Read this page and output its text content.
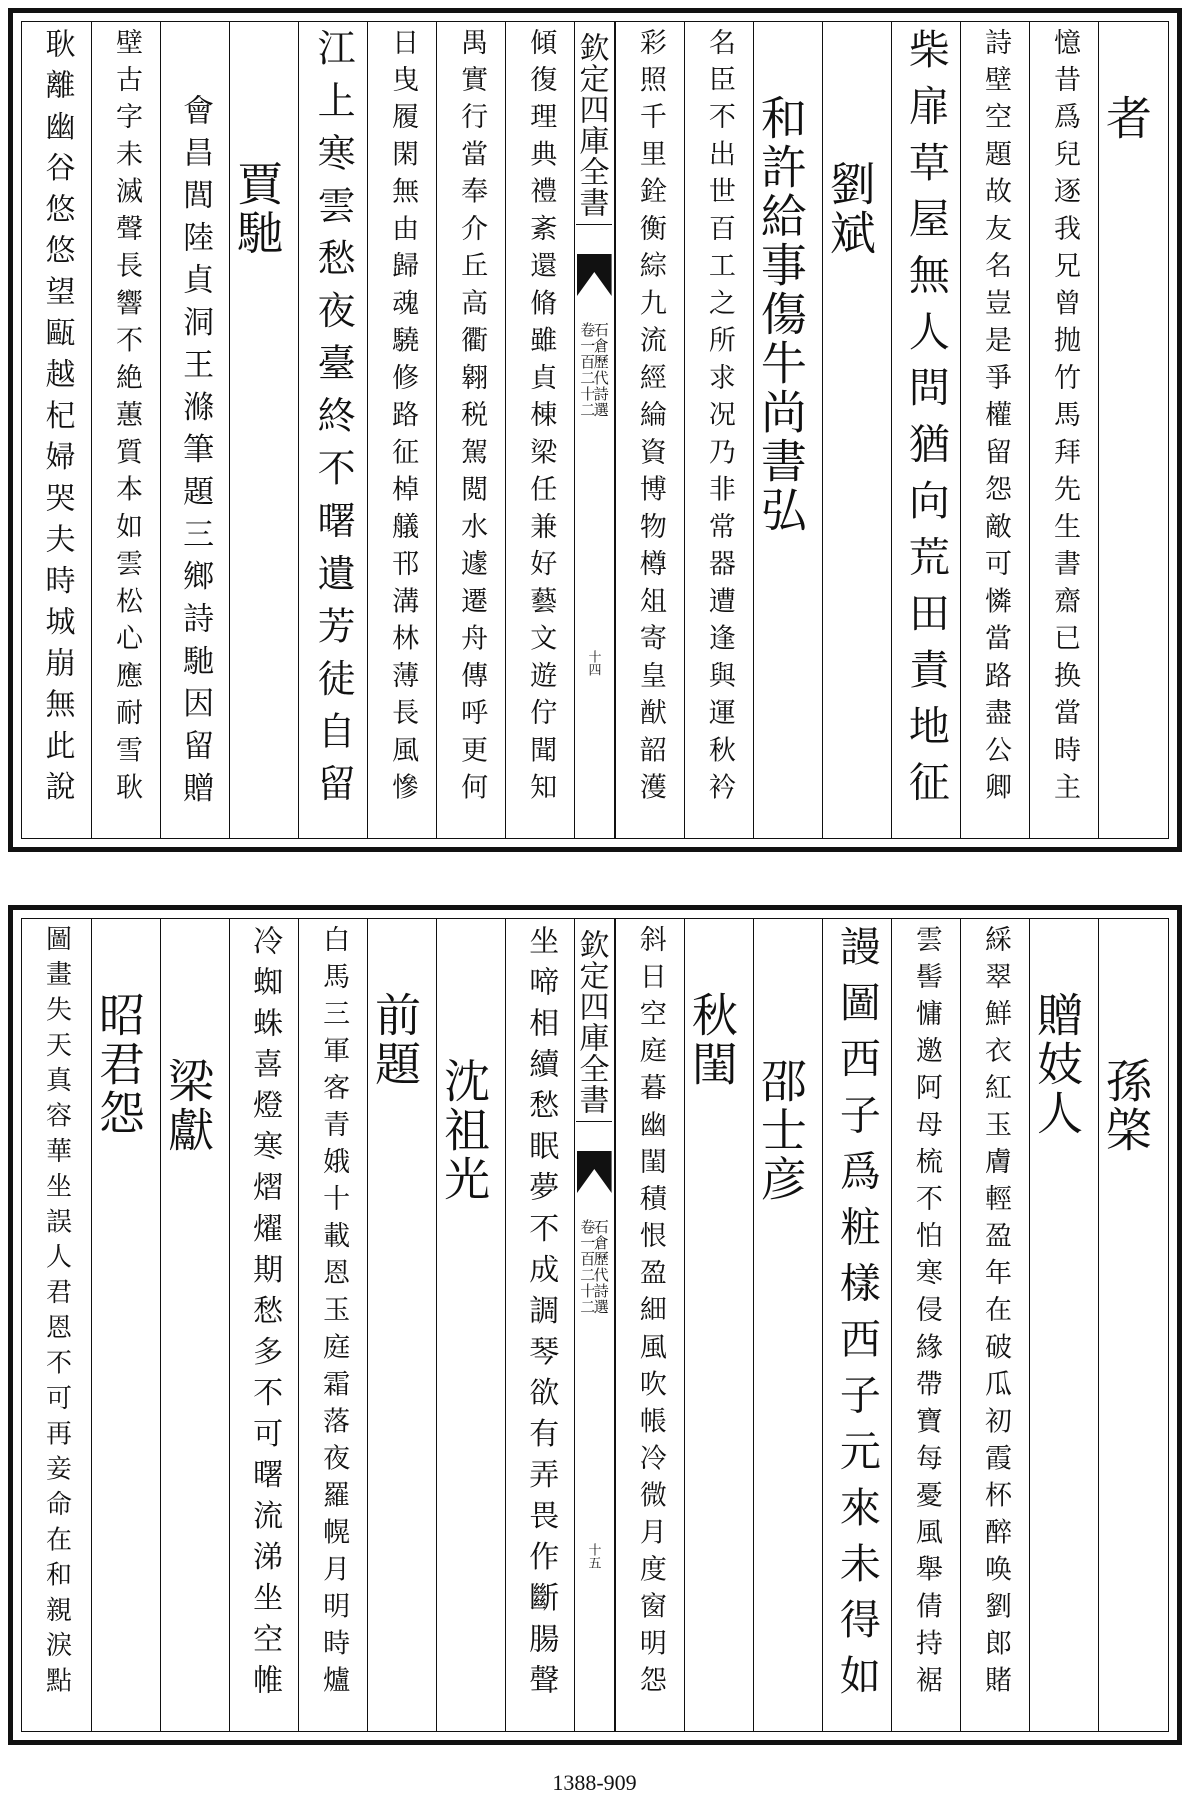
者
憶昔爲兒逐我兄曾抛竹馬拜先生書齋已换當時主
詩壁空題故友名豈是爭權留怨敵可憐當路盡公卿
柴扉草屋無人問猶向荒田責地征
劉斌
和許給事傷牛尚書弘
名臣不出世百工之所求况乃非常器遭逢與運秋衿
彩照千里銓衡綜九流經綸資博物樽俎寄皇猷韶濩
欽定四庫全書
石倉歷代詩選
卷一百二十二
十四
傾復理典禮紊還脩雖貞棟梁任兼好藝文遊佇聞知
禺實行當奉介丘高衢翱税駕閲水遽遷舟傳呼更何
日曳履閑無由歸魂驍修路征棹艤邗溝林薄長風慘
江上寒雲愁夜臺終不曙遺芳徒自留
賈馳
會昌閭陸貞洞王滌筆題三鄉詩馳因留贈
壁古字未滅聲長響不絶蕙質本如雲松心應耐雪耿
耿離幽谷悠悠望甌越杞婦哭夫時城崩無此說
孫棨
贈妓人
綵翠鮮衣紅玉膚輕盈年在破瓜初霞杯醉唤劉郎賭
雲髻慵邀阿母梳不怕寒侵緣帶寶每憂風舉倩持裾
謾圖西子爲粧樣西子元來未得如
邵士彦
秋閨
斜日空庭暮幽閨積恨盈細風吹帳冷微月度窗明怨
欽定四庫全書
石倉歷代詩選
卷一百二十二
十五
坐啼相續愁眠夢不成調琴欲有弄畏作斷腸聲
沈祖光
前題
白馬三軍客青娥十載恩玉庭霜落夜羅幌月明時爐
冷蜘蛛喜燈寒熠燿期愁多不可曙流涕坐空帷
梁獻
昭君怨
圖畫失天真容華坐誤人君恩不可再妾命在和親淚點
1388-909
